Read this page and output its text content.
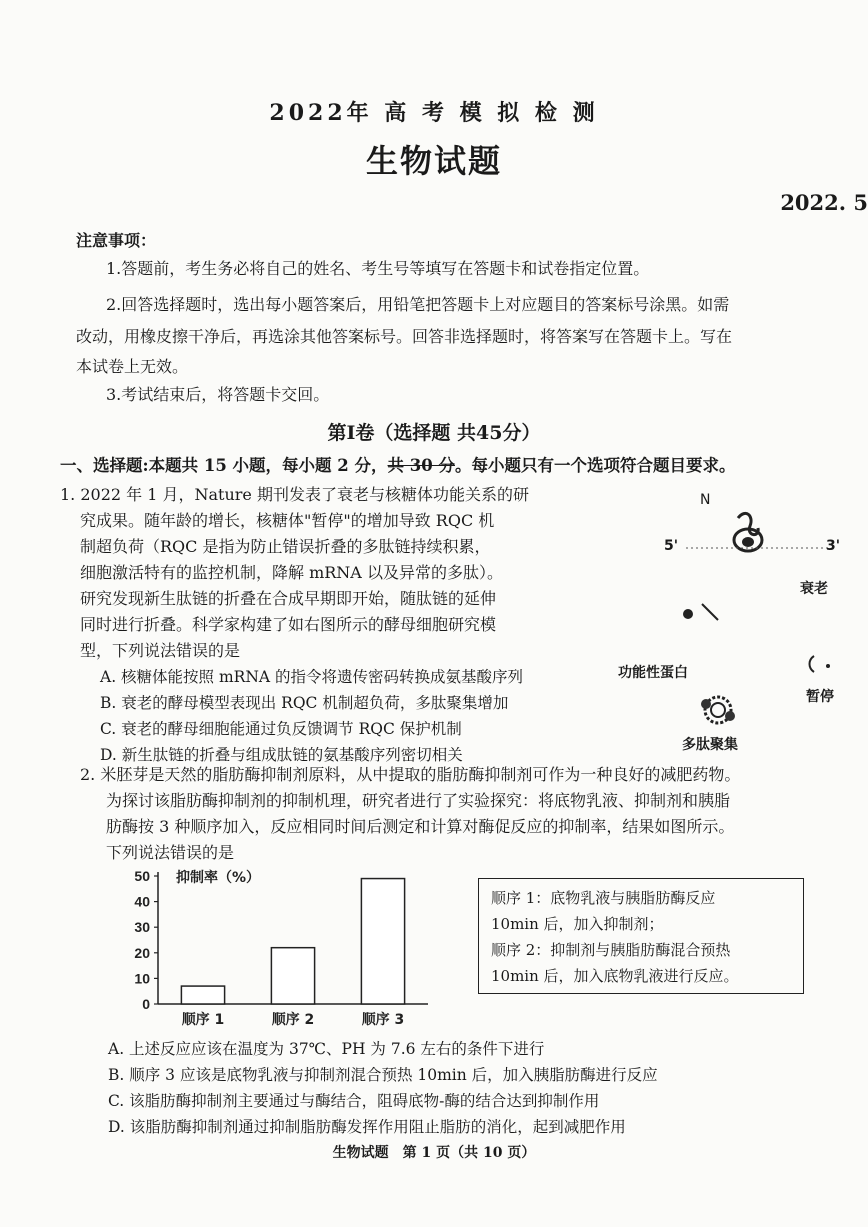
2022年 高 考 模 拟 检 测
生物试题
2022. 5
注意事项：
1.答题前，考生务必将自己的姓名、考生号等填写在答题卡和试卷指定位置。
2.回答选择题时，选出每小题答案后，用铅笔把答题卡上对应题目的答案标号涂黑。如需
改动，用橡皮擦干净后，再选涂其他答案标号。回答非选择题时，将答案写在答题卡上。写在
本试卷上无效。
3.考试结束后，将答题卡交回。
第Ⅰ卷（选择题 共45分）
一、选择题:本题共 15 小题，每小题 2 分，共 30 分。每小题只有一个选项符合题目要求。
1. 2022 年 1 月，Nature 期刊发表了衰老与核糖体功能关系的研
究成果。随年龄的增长，核糖体"暂停"的增加导致 RQC 机
制超负荷（RQC 是指为防止错误折叠的多肽链持续积累，
细胞激活特有的监控机制，降解 mRNA 以及异常的多肽）。
研究发现新生肽链的折叠在合成早期即开始，随肽链的延伸
同时进行折叠。科学家构建了如右图所示的酵母细胞研究模
型，下列说法错误的是
A. 核糖体能按照 mRNA 的指令将遗传密码转换成氨基酸序列
B. 衰老的酵母模型表现出 RQC 机制超负荷，多肽聚集增加
C. 衰老的酵母细胞能通过负反馈调节 RQC 保护机制
D. 新生肽链的折叠与组成肽链的氨基酸序列密切相关
N
5'	3'
衰老
功能性蛋白
暂停
多肽聚集
2. 米胚芽是天然的脂肪酶抑制剂原料，从中提取的脂肪酶抑制剂可作为一种良好的减肥药物。
为探讨该脂肪酶抑制剂的抑制机理，研究者进行了实验探究：将底物乳液、抑制剂和胰脂
肪酶按 3 种顺序加入，反应相同时间后测定和计算对酶促反应的抑制率，结果如图所示。
下列说法错误的是
0
10
20
30
40
50 抑制率（%）
顺序 1	顺序 2	顺序 3
顺序 1：底物乳液与胰脂肪酶反应
10min 后，加入抑制剂；
顺序 2：抑制剂与胰脂肪酶混合预热
10min 后，加入底物乳液进行反应。
A. 上述反应应该在温度为 37℃、PH 为 7.6 左右的条件下进行
B. 顺序 3 应该是底物乳液与抑制剂混合预热 10min 后，加入胰脂肪酶进行反应
C. 该脂肪酶抑制剂主要通过与酶结合，阻碍底物-酶的结合达到抑制作用
D. 该脂肪酶抑制剂通过抑制脂肪酶发挥作用阻止脂肪的消化，起到减肥作用
生物试题　第 1 页（共 10 页）
